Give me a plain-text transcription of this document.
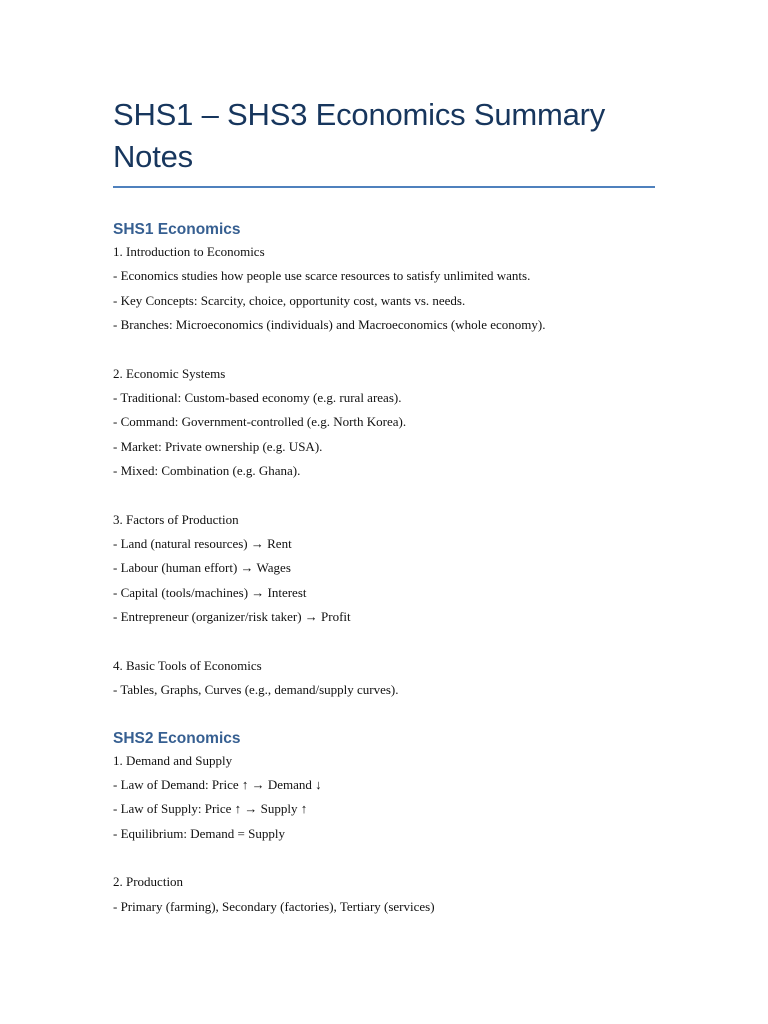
SHS1 – SHS3 Economics Summary Notes
SHS1 Economics

1. Introduction to Economics

- Economics studies how people use scarce resources to satisfy unlimited wants.

- Key Concepts: Scarcity, choice, opportunity cost, wants vs. needs.

- Branches: Microeconomics (individuals) and Macroeconomics (whole economy).

2. Economic Systems

- Traditional: Custom-based economy (e.g. rural areas).

- Command: Government-controlled (e.g. North Korea).

- Market: Private ownership (e.g. USA).

- Mixed: Combination (e.g. Ghana).

3. Factors of Production

- Land (natural resources) → Rent

- Labour (human effort) → Wages

- Capital (tools/machines) → Interest

- Entrepreneur (organizer/risk taker) → Profit

4. Basic Tools of Economics

- Tables, Graphs, Curves (e.g., demand/supply curves).

SHS2 Economics

1. Demand and Supply

- Law of Demand: Price ↑ → Demand ↓

- Law of Supply: Price ↑ → Supply ↑

- Equilibrium: Demand = Supply

2. Production

- Primary (farming), Secondary (factories), Tertiary (services)
